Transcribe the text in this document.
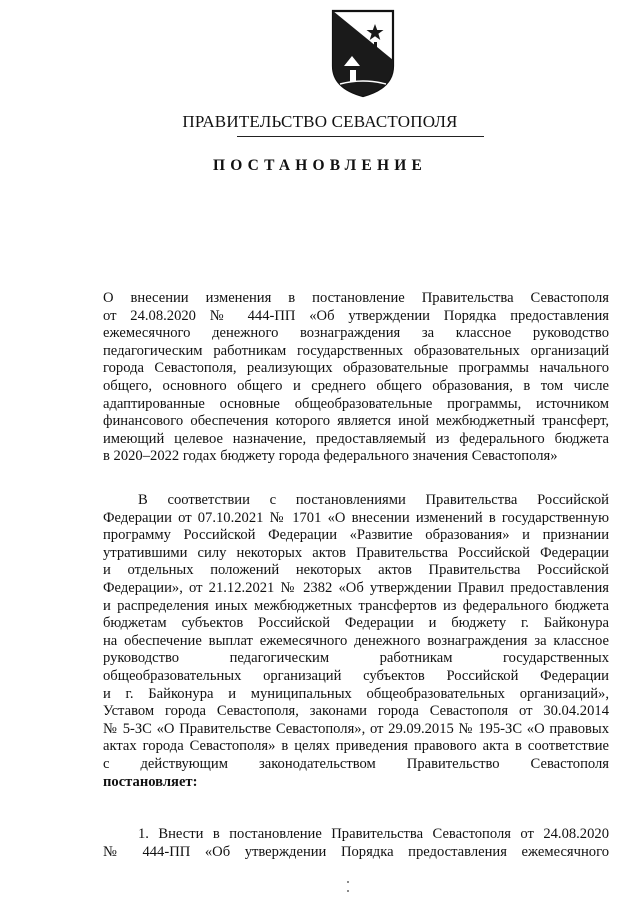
ПРАВИТЕЛЬСТВО СЕВАСТОПОЛЯ
ПОСТАНОВЛЕНИЕ
О внесении изменения в постановление Правительства Севастополя
от 24.08.2020 № 444-ПП «Об утверждении Порядка предоставления
ежемесячного денежного вознаграждения за классное руководство
педагогическим работникам государственных образовательных организаций
города Севастополя, реализующих образовательные программы начального
общего, основного общего и среднего общего образования, в том числе
адаптированные основные общеобразовательные программы, источником
финансового обеспечения которого является иной межбюджетный трансферт,
имеющий целевое назначение, предоставляемый из федерального бюджета
в 2020–2022 годах бюджету города федерального значения Севастополя»
В соответствии с постановлениями Правительства Российской
Федерации от 07.10.2021 № 1701 «О внесении изменений в государственную
программу Российской Федерации «Развитие образования» и признании
утратившими силу некоторых актов Правительства Российской Федерации
и отдельных положений некоторых актов Правительства Российской
Федерации», от 21.12.2021 № 2382 «Об утверждении Правил предоставления
и распределения иных межбюджетных трансфертов из федерального бюджета
бюджетам субъектов Российской Федерации и бюджету г. Байконура
на обеспечение выплат ежемесячного денежного вознаграждения за классное
руководство педагогическим работникам государственных
общеобразовательных организаций субъектов Российской Федерации
и г. Байконура и муниципальных общеобразовательных организаций»,
Уставом города Севастополя, законами города Севастополя от 30.04.2014
№ 5-ЗС «О Правительстве Севастополя», от 29.09.2015 № 195-ЗС «О правовых
актах города Севастополя» в целях приведения правового акта в соответствие
с действующим законодательством Правительство Севастополя
постановляет:
1. Внести в постановление Правительства Севастополя от 24.08.2020
№ 444-ПП «Об утверждении Порядка предоставления ежемесячного
